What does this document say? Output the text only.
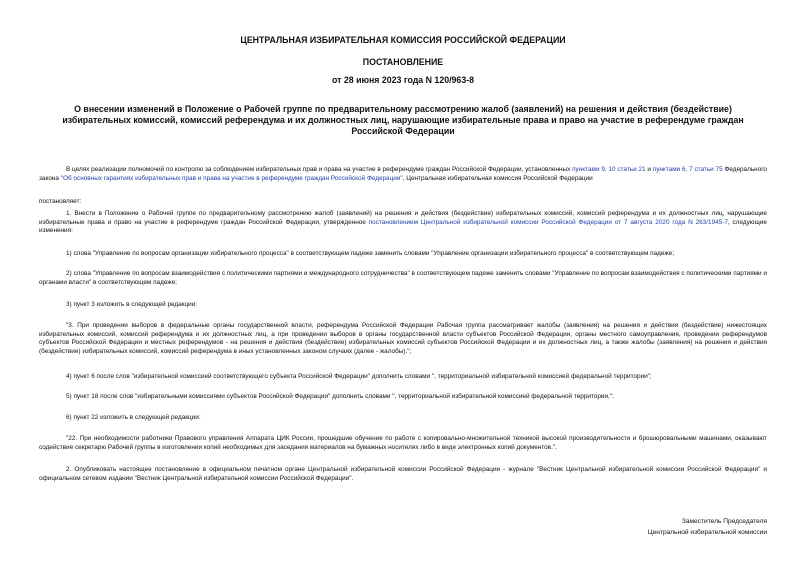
ЦЕНТРАЛЬНАЯ ИЗБИРАТЕЛЬНАЯ КОМИССИЯ РОССИЙСКОЙ ФЕДЕРАЦИИ
ПОСТАНОВЛЕНИЕ
от 28 июня 2023 года N 120/963-8
О внесении изменений в Положение о Рабочей группе по предварительному рассмотрению жалоб (заявлений) на решения и действия (бездействие) избирательных комиссий, комиссий референдума и их должностных лиц, нарушающие избирательные права и право на участие в референдуме граждан Российской Федерации

В целях реализации полномочий по контролю за соблюдением избирательных прав и права на участие в референдуме граждан Российской Федерации, установленных пунктами 9, 10 статьи 21 и пунктами 6, 7 статьи 75 Федерального закона "Об основных гарантиях избирательных прав и права на участие в референдуме граждан Российской Федерации", Центральная избирательная комиссия Российской Федерации

постановляет:

1. Внести в Положение о Рабочей группе по предварительному рассмотрению жалоб (заявлений) на решения и действия (бездействие) избирательных комиссий, комиссий референдума и их должностных лиц, нарушающие избирательные права и право на участие в референдуме граждан Российской Федерации, утвержденное постановлением Центральной избирательной комиссии Российской Федерации от 7 августа 2020 года N 263/1945-7, следующие изменения:

1) слова "Управление по вопросам организации избирательного процесса" в соответствующем падеже заменить словами "Управление организации избирательного процесса" в соответствующем падеже;

2) слова "Управление по вопросам взаимодействия с политическими партиями и международного сотрудничества" в соответствующем падеже заменить словами "Управление по вопросам взаимодействия с политическими партиями и органами власти" в соответствующем падеже;

3) пункт 3 изложить в следующей редакции:

"3. При проведении выборов в федеральные органы государственной власти, референдума Российской Федерации Рабочая группа рассматривает жалобы (заявления) на решения и действия (бездействие) нижестоящих избирательных комиссий, комиссий референдума и их должностных лиц, а при проведении выборов в органы государственной власти субъектов Российской Федерации, органы местного самоуправления, проведении референдумов субъектов Российской Федерации и местных референдумов - на решения и действия (бездействие) избирательных комиссий субъектов Российской Федерации и их должностных лиц, а также жалобы (заявления) на решения и действия (бездействие) избирательных комиссий, комиссий референдума в иных установленных законом случаях (далее - жалобы).";

4) пункт 6 после слов "избирательной комиссией соответствующего субъекта Российской Федерации" дополнить словами ", территориальной избирательной комиссией федеральной территории";

5) пункт 18 после слов "избирательными комиссиями субъектов Российской Федерации" дополнить словами ", территориальной избирательной комиссией федеральной территории,";

6) пункт 22 изложить в следующей редакции:

"22. При необходимости работники Правового управления Аппарата ЦИК России, прошедшие обучение по работе с копировально-множительной техникой высокой производительности и брошюровальными машинами, оказывают содействие секретарю Рабочей группы в изготовлении копий необходимых для заседания материалов на бумажных носителях либо в виде электронных копий документов.".

2. Опубликовать настоящее постановление в официальном печатном органе Центральной избирательной комиссии Российской Федерации - журнале "Вестник Центральной избирательной комиссии Российской Федерации" и официальном сетевом издании "Вестник Центральной избирательной комиссии Российской Федерации".

Заместитель Председателя
Центральной избирательной комиссии
